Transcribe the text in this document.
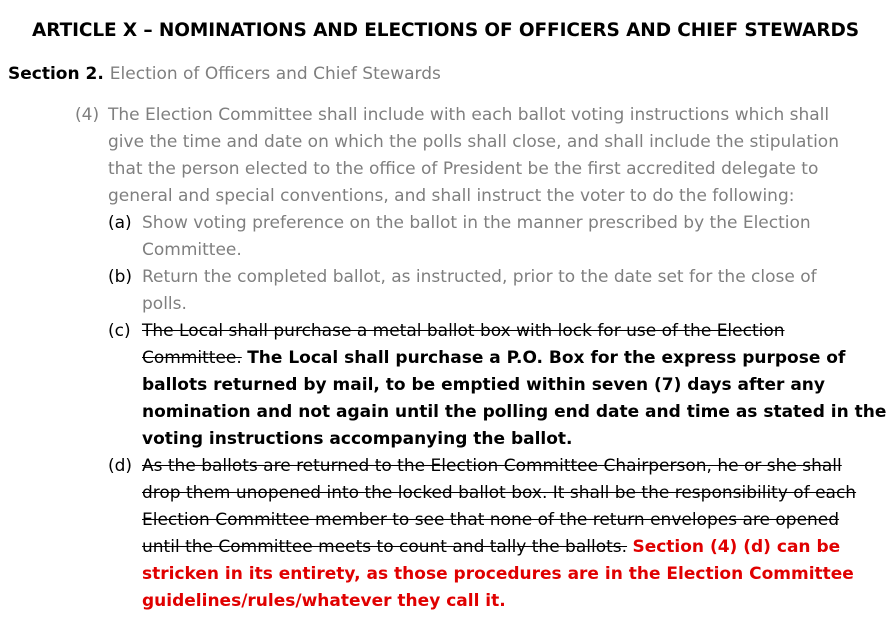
ARTICLE X – NOMINATIONS AND ELECTIONS OF OFFICERS AND CHIEF STEWARDS
Section 2. Election of Officers and Chief Stewards
(4) The Election Committee shall include with each ballot voting instructions which shall
give the time and date on which the polls shall close, and shall include the stipulation
that the person elected to the office of President be the first accredited delegate to
general and special conventions, and shall instruct the voter to do the following:
(a) Show voting preference on the ballot in the manner prescribed by the Election
Committee.
(b) Return the completed ballot, as instructed, prior to the date set for the close of
polls.
(c) The Local shall purchase a metal ballot box with lock for use of the Election
Committee. The Local shall purchase a P.O. Box for the express purpose of
ballots returned by mail, to be emptied within seven (7) days after any
nomination and not again until the polling end date and time as stated in the
voting instructions accompanying the ballot.
(d) As the ballots are returned to the Election Committee Chairperson, he or she shall
drop them unopened into the locked ballot box. It shall be the responsibility of each
Election Committee member to see that none of the return envelopes are opened
until the Committee meets to count and tally the ballots. Section (4) (d) can be
stricken in its entirety, as those procedures are in the Election Committee
guidelines/rules/whatever they call it.
